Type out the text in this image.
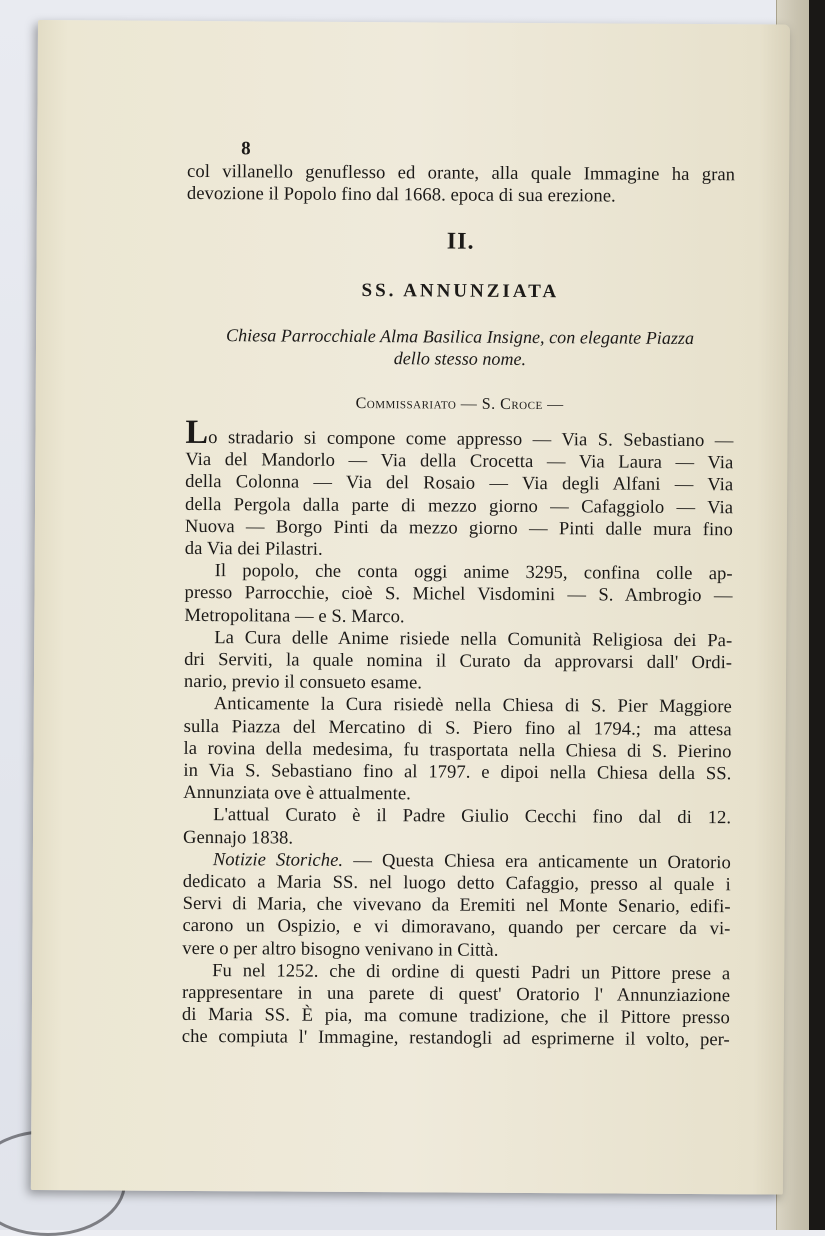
8
col villanello genuflesso ed orante, alla quale Immagine ha gran
devozione il Popolo fino dal 1668. epoca di sua erezione.
II.
SS. ANNUNZIATA
Chiesa Parrocchiale Alma Basilica Insigne, con elegante Piazza
dello stesso nome.
Commissariato — S. Croce —
Lo stradario si compone come appresso — Via S. Sebastiano —
Via del Mandorlo — Via della Crocetta — Via Laura — Via
della Colonna — Via del Rosaio — Via degli Alfani — Via
della Pergola dalla parte di mezzo giorno — Cafaggiolo — Via
Nuova — Borgo Pinti da mezzo giorno — Pinti dalle mura fino
da Via dei Pilastri.
Il popolo, che conta oggi anime 3295, confina colle ap-
presso Parrocchie, cioè S. Michel Visdomini — S. Ambrogio —
Metropolitana — e S. Marco.
La Cura delle Anime risiede nella Comunità Religiosa dei Pa-
dri Serviti, la quale nomina il Curato da approvarsi dall' Ordi-
nario, previo il consueto esame.
Anticamente la Cura risiedè nella Chiesa di S. Pier Maggiore
sulla Piazza del Mercatino di S. Piero fino al 1794.; ma attesa
la rovina della medesima, fu trasportata nella Chiesa di S. Pierino
in Via S. Sebastiano fino al 1797. e dipoi nella Chiesa della SS.
Annunziata ove è attualmente.
L'attual Curato è il Padre Giulio Cecchi fino dal di 12.
Gennajo 1838.
Notizie Storiche. — Questa Chiesa era anticamente un Oratorio
dedicato a Maria SS. nel luogo detto Cafaggio, presso al quale i
Servi di Maria, che vivevano da Eremiti nel Monte Senario, edifi-
carono un Ospizio, e vi dimoravano, quando per cercare da vi-
vere o per altro bisogno venivano in Città.
Fu nel 1252. che di ordine di questi Padri un Pittore prese a
rappresentare in una parete di quest' Oratorio l' Annunziazione
di Maria SS. È pia, ma comune tradizione, che il Pittore presso
che compiuta l' Immagine, restandogli ad esprimerne il volto, per-
